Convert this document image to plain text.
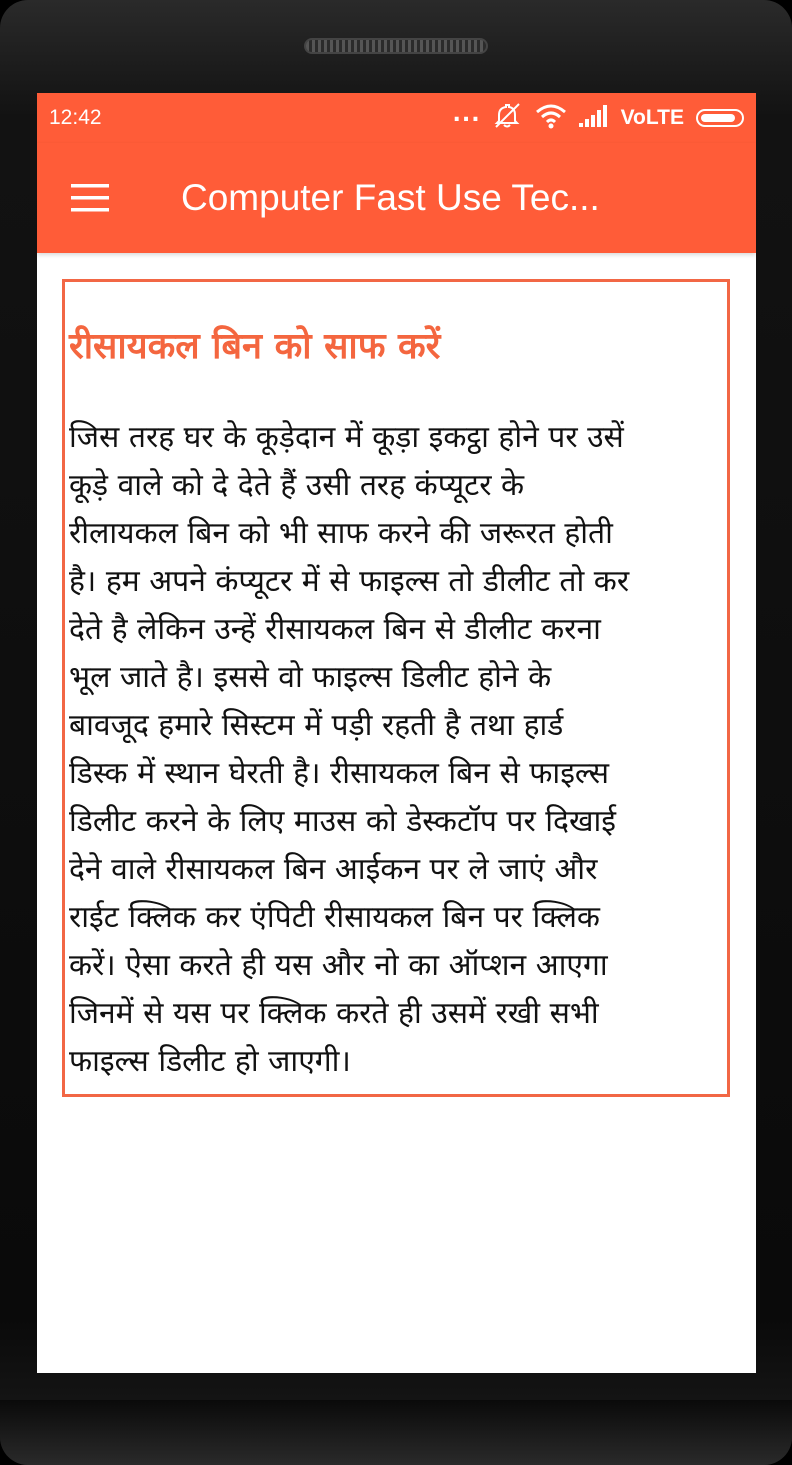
12:42	...	VoLTE
Computer Fast Use Tec...
रीसायकल बिन को साफ करें

जिस तरह घर के कूड़ेदान में कूड़ा इकट्ठा होने पर उसें
कूड़े वाले को दे देते हैं उसी तरह कंप्यूटर के
रीलायकल बिन को भी साफ करने की जरूरत होती
है। हम अपने कंप्यूटर में से फाइल्स तो डीलीट तो कर
देते है लेकिन उन्हें रीसायकल बिन से डीलीट करना
भूल जाते है। इससे वो फाइल्स डिलीट होने के
बावजूद हमारे सिस्टम में पड़ी रहती है तथा हार्ड
डिस्क में स्थान घेरती है। रीसायकल बिन से फाइल्स
डिलीट करने के लिए माउस को डेस्कटॉप पर दिखाई
देने वाले रीसायकल बिन आईकन पर ले जाएं और
राईट क्लिक कर एंपिटी रीसायकल बिन पर क्लिक
करें। ऐसा करते ही यस और नो का ऑप्शन आएगा
जिनमें से यस पर क्लिक करते ही उसमें रखी सभी
फाइल्स डिलीट हो जाएगी।
